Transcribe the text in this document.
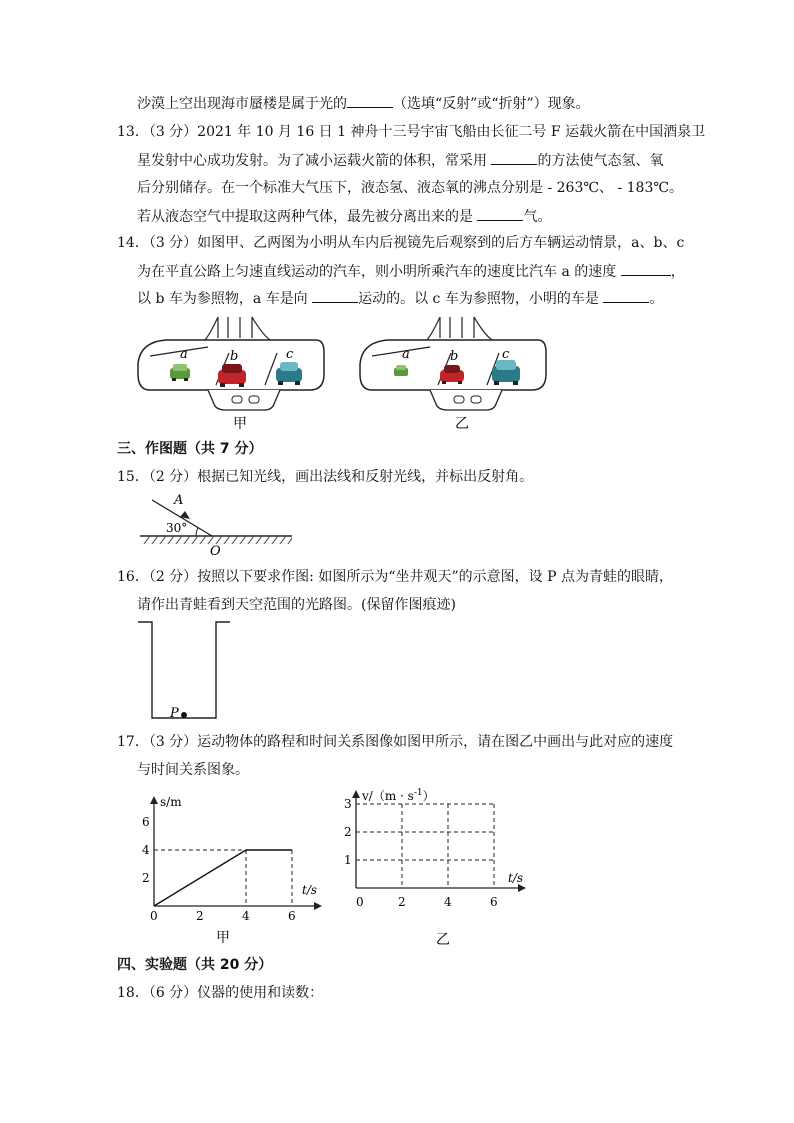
沙漠上空出现海市蜃楼是属于光的	（选填“反射”或“折射”）现象。
13．（3 分）2021 年 10 月 16 日 1 神舟十三号宇宙飞船由长征二号 F 运载火箭在中国酒泉卫
星发射中心成功发射。为了减小运载火箭的体积，常采用	的方法使气态氢、氧
后分别储存。在一个标准大气压下，液态氢、液态氧的沸点分别是 - 263℃、 - 183℃。
若从液态空气中提取这两种气体，最先被分离出来的是	气。
14．（3 分）如图甲、乙两图为小明从车内后视镜先后观察到的后方车辆运动情景，a、b、c
为在平直公路上匀速直线运动的汽车，则小明所乘汽车的速度比汽车 a 的速度	，
以 b 车为参照物，a 车是向	运动的。以 c 车为参照物，小明的车是	。
a	b	c
甲
a	b	c
乙
三、作图题（共 7 分）
15．（2 分）根据已知光线，画出法线和反射光线，并标出反射角。
A
30°
O
16．（2 分）按照以下要求作图: 如图所示为“坐井观天”的示意图，设 P 点为青蛙的眼睛，
请作出青蛙看到天空范围的光路图。(保留作图痕迹)
P
17．（3 分）运动物体的路程和时间关系图像如图甲所示，请在图乙中画出与此对应的速度
与时间关系图象。
s/m
t/s
0	2	4	6
2
4
6
甲
$v/(m \cdot s^{-1})$
t/s
0	2	4	6
1
2
3
乙
四、实验题（共 20 分）
18．（6 分）仪器的使用和读数：
